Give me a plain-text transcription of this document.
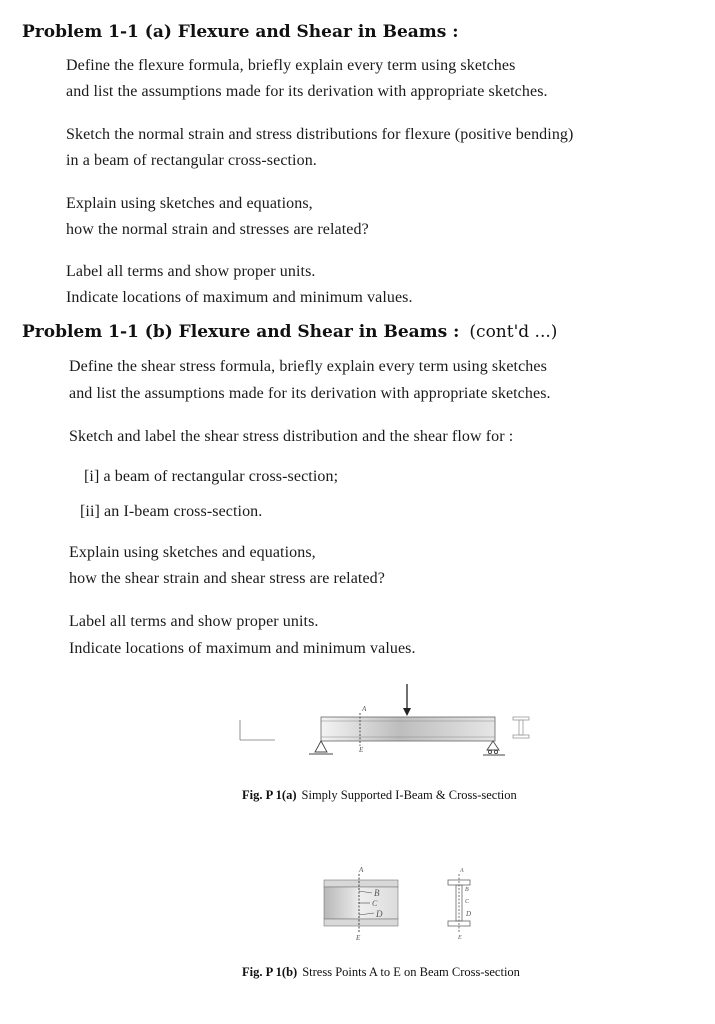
Problem 1-1 (a) Flexure and Shear in Beams :
Define the flexure formula, briefly explain every term using sketches
and list the assumptions made for its derivation with appropriate sketches.
Sketch the normal strain and stress distributions for flexure (positive bending)
in a beam of rectangular cross-section.
Explain using sketches and equations,
how the normal strain and stresses are related?
Label all terms and show proper units.
Indicate locations of maximum and minimum values.
Problem 1-1 (b) Flexure and Shear in Beams : (cont'd ...)
Define the shear stress formula, briefly explain every term using sketches
and list the assumptions made for its derivation with appropriate sketches.
Sketch and label the shear stress distribution and the shear flow for :
[i] a beam of rectangular cross-section;
[ii] an I-beam cross-section.
Explain using sketches and equations,
how the shear strain and shear stress are related?
Label all terms and show proper units.
Indicate locations of maximum and minimum values.
A
E
Fig. P 1(a) Simply Supported I-Beam & Cross-section
A
B
C
D
E
A
B
C
D
E
Fig. P 1(b) Stress Points A to E on Beam Cross-section
